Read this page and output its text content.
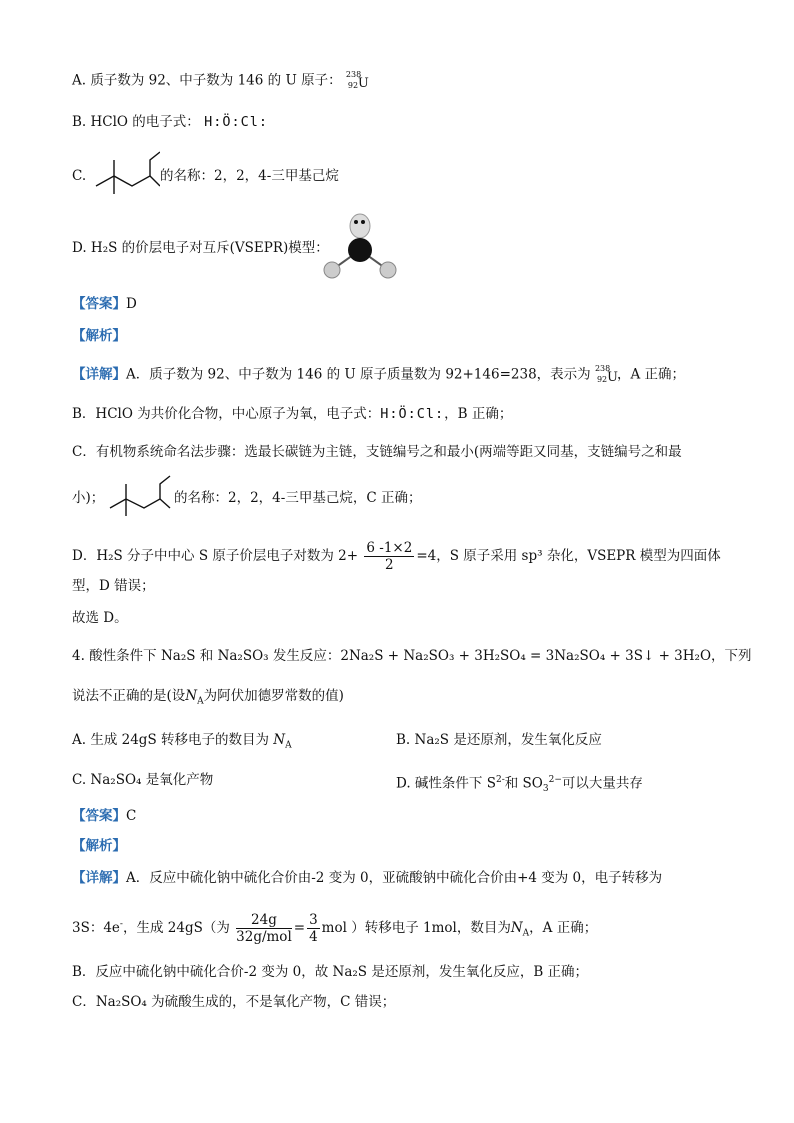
A. 质子数为 92、中子数为 146 的 U 原子： 238
92 U
B. HClO 的电子式： H:Ö:Cl:
C.	的名称：2，2，4-三甲基己烷
D. H₂S 的价层电子对互斥(VSEPR)模型：
【答案】D
【解析】
【详解】A．质子数为 92、中子数为 146 的 U 原子质量数为 92+146=238，表示为 238
92 U ，A 正确；
B．HClO 为共价化合物，中心原子为氧，电子式：H:Ö:Cl:，B 正确；
C．有机物系统命名法步骤：选最长碳链为主链，支链编号之和最小(两端等距又同基，支链编号之和最
小)；	的名称：2，2，4-三甲基己烷，C 正确；
D．H₂S 分子中中心 S 原子价层电子对数为 $2+ \frac{6 -1\times 2}{2} =4$，S 原子采用 sp³ 杂化，VSEPR 模型为四面体
型，D 错误；
故选 D。
4. 酸性条件下 Na₂S 和 Na₂SO₃ 发生反应：2Na₂S + Na₂SO₃ + 3H₂SO₄ = 3Na₂SO₄ + 3S↓ + 3H₂O，下列
说法不正确的是(设$N_A$为阿伏加德罗常数的值)
A. 生成 24gS 转移电子的数目为 $N_A$	B. Na₂S 是还原剂，发生氧化反应
C. Na₂SO₄ 是氧化产物	D. 碱性条件下 $S^{2-}$和 $SO_3^{2-}$可以大量共存
【答案】C
【解析】
【详解】A．反应中硫化钠中硫化合价由-2 变为 0，亚硫酸钠中硫化合价由+4 变为 0，电子转移为
3S：4e-，生成 24gS（为 $\frac{24g}{\text{32g/mol}} = \frac{3}{4}$ mol ）转移电子 1mol，数目为$N_A$，A 正确；
B．反应中硫化钠中硫化合价-2 变为 0，故 Na₂S 是还原剂，发生氧化反应，B 正确；
C．Na₂SO₄ 为硫酸生成的，不是氧化产物，C 错误；
